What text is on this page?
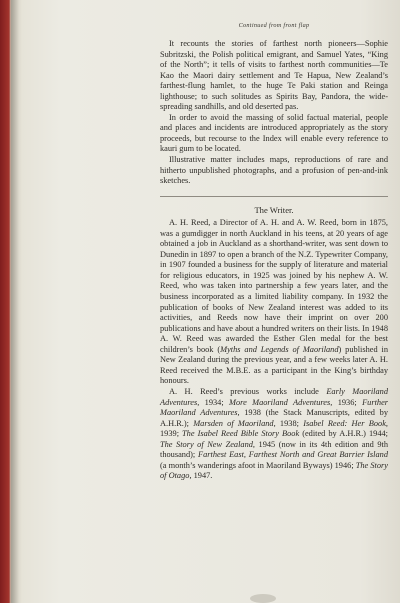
Continued from front flap

It recounts the stories of farthest north pioneers—Sophie Subritzski, the Polish political emigrant, and Samuel Yates, “King of the North”; it tells of visits to farthest north communities—Te Kao the Maori dairy settlement and Te Hapua, New Zealand’s farthest-flung hamlet, to the huge Te Paki station and Reinga lighthouse; to such solitudes as Spirits Bay, Pandora, the wide-spreading sandhills, and old deserted pas.

In order to avoid the massing of solid factual material, people and places and incidents are introduced appropriately as the story proceeds, but recourse to the Index will enable every reference to kauri gum to be located.

Illustrative matter includes maps, reproductions of rare and hitherto unpublished photographs, and a profusion of pen-and-ink sketches.

The Writer.

A. H. Reed, a Director of A. H. and A. W. Reed, born in 1875, was a gumdigger in north Auckland in his teens, at 20 years of age obtained a job in Auckland as a shorthand-writer, was sent down to Dunedin in 1897 to open a branch of the N.Z. Typewriter Company, in 1907 founded a business for the supply of literature and material for religious educators, in 1925 was joined by his nephew A. W. Reed, who was taken into partnership a few years later, and the business incorporated as a limited liability company. In 1932 the publication of books of New Zealand interest was added to its activities, and Reeds now have their imprint on over 200 publications and have about a hundred writers on their lists. In 1948 A. W. Reed was awarded the Esther Glen medal for the best children’s book (Myths and Legends of Maoriland) published in New Zealand during the previous year, and a few weeks later A. H. Reed received the M.B.E. as a participant in the King’s birthday honours.

A. H. Reed’s previous works include Early Maoriland Adventures, 1934; More Maoriland Adventures, 1936; Further Maoriland Adventures, 1938 (the Stack Manuscripts, edited by A.H.R.); Marsden of Maoriland, 1938; Isabel Reed: Her Book, 1939; The Isabel Reed Bible Story Book (edited by A.H.R.) 1944; The Story of New Zealand, 1945 (now in its 4th edition and 9th thousand); Farthest East, Farthest North and Great Barrier Island (a month’s wanderings afoot in Maoriland Byways) 1946; The Story of Otago, 1947.
